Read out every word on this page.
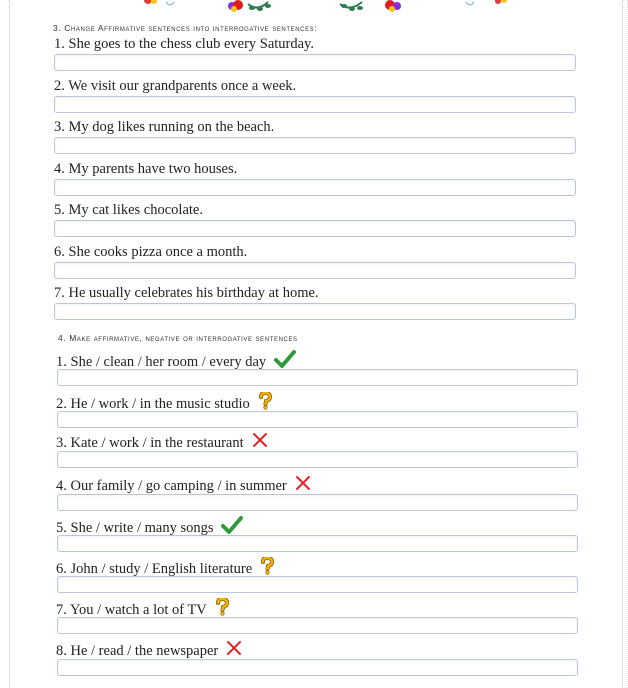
3. Change Affirmative sentences into interrogative sentences:
1. She goes to the chess club every Saturday.
2. We visit our grandparents once a week.
3. My dog likes running on the beach.
4. My parents have two houses.
5. My cat likes chocolate.
6. She cooks pizza once a month.
7. He usually celebrates his birthday at home.
4. Make affirmative, negative or interrogative sentences
1. She / clean / her room / every day
2. He / work / in the music studio
3. Kate / work / in the restaurant
4. Our family / go camping / in summer
5. She / write / many songs
6. John / study / English literature
7. You / watch a lot of TV
8. He / read / the newspaper
